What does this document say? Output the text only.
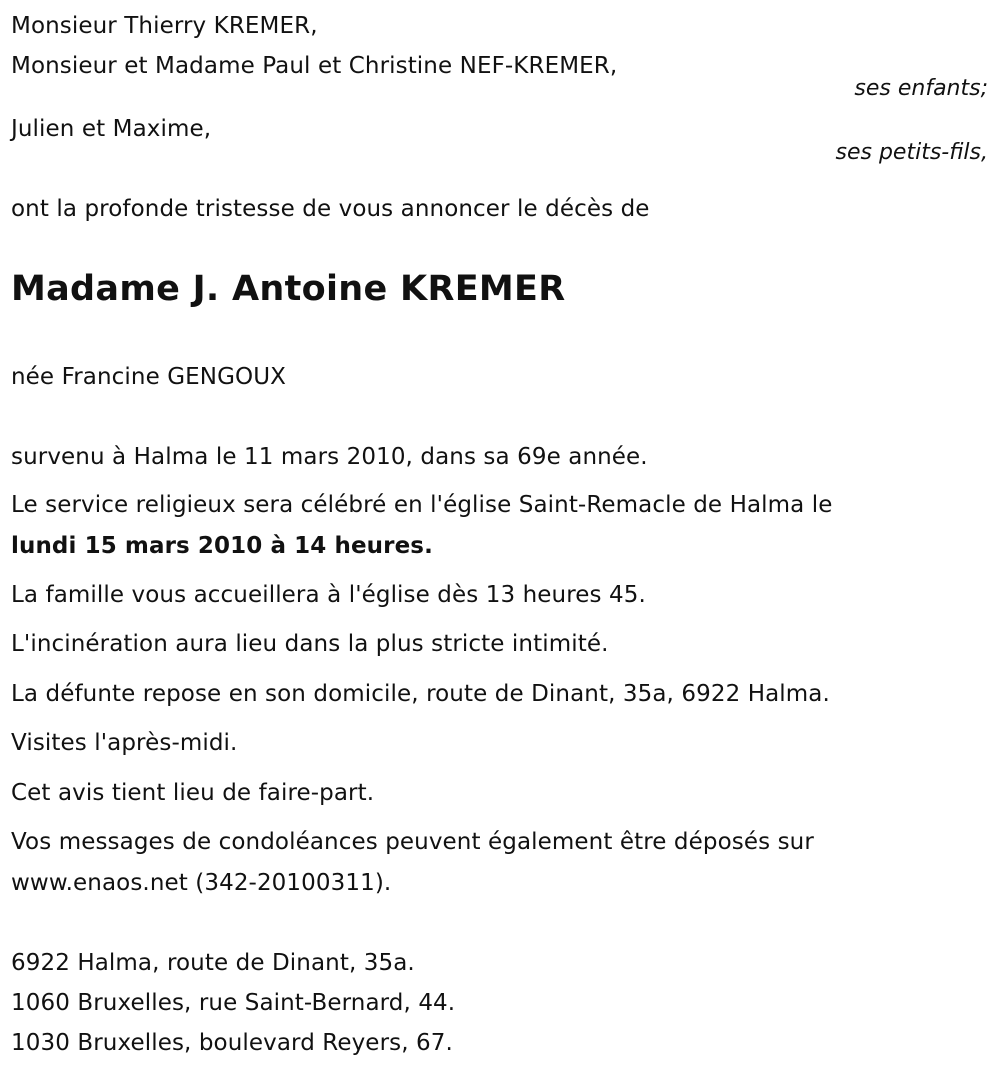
Monsieur Thierry KREMER,
Monsieur et Madame Paul et Christine NEF-KREMER,
ses enfants;
Julien et Maxime,
ses petits-fils,
ont la profonde tristesse de vous annoncer le décès de
Madame J. Antoine KREMER
née Francine GENGOUX
survenu à Halma le 11 mars 2010, dans sa 69e année.
Le service religieux sera célébré en l'église Saint-Remacle de Halma le
lundi 15 mars 2010 à 14 heures.
La famille vous accueillera à l'église dès 13 heures 45.
L'incinération aura lieu dans la plus stricte intimité.
La défunte repose en son domicile, route de Dinant, 35a, 6922 Halma.
Visites l'après-midi.
Cet avis tient lieu de faire-part.
Vos messages de condoléances peuvent également être déposés sur
www.enaos.net (342-20100311).
6922 Halma, route de Dinant, 35a.
1060 Bruxelles, rue Saint-Bernard, 44.
1030 Bruxelles, boulevard Reyers, 67.
